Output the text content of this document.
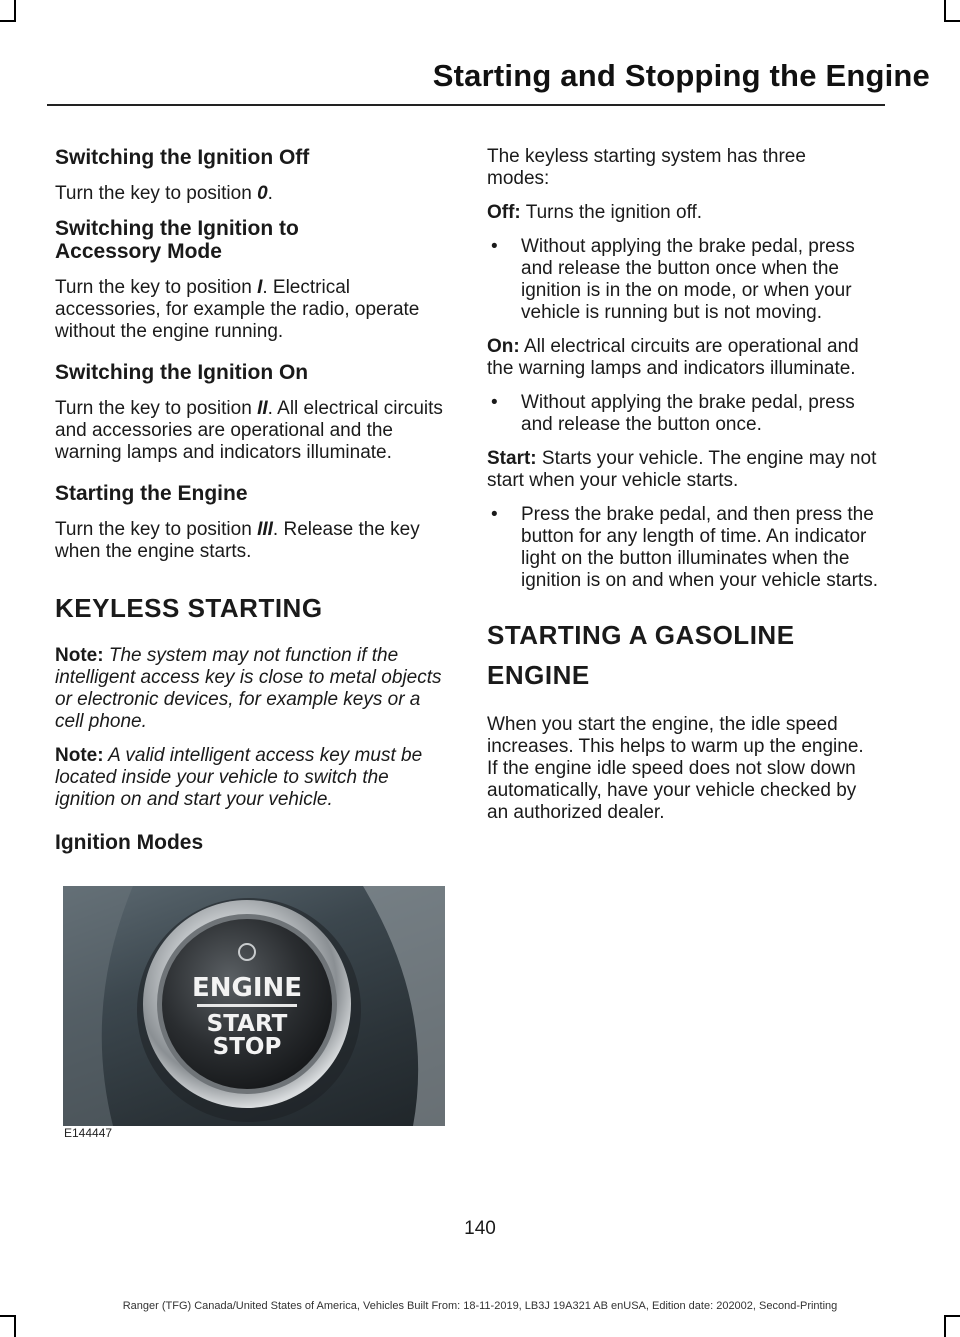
Starting and Stopping the Engine
Switching the Ignition Off

Turn the key to position 0.

Switching the Ignition to Accessory Mode

Turn the key to position I. Electrical accessories, for example the radio, operate without the engine running.

Switching the Ignition On

Turn the key to position II. All electrical circuits and accessories are operational and the warning lamps and indicators illuminate.

Starting the Engine

Turn the key to position III. Release the key when the engine starts.

KEYLESS STARTING

Note: The system may not function if the intelligent access key is close to metal objects or electronic devices, for example keys or a cell phone.

Note: A valid intelligent access key must be located inside your vehicle to switch the ignition on and start your vehicle.

Ignition Modes
ENGINE
START
STOP
E144447

The keyless starting system has three modes:

Off: Turns the ignition off.

• Without applying the brake pedal, press and release the button once when the ignition is in the on mode, or when your vehicle is running but is not moving.

On: All electrical circuits are operational and the warning lamps and indicators illuminate.

• Without applying the brake pedal, press and release the button once.

Start: Starts your vehicle. The engine may not start when your vehicle starts.

• Press the brake pedal, and then press the button for any length of time. An indicator light on the button illuminates when the ignition is on and when your vehicle starts.
STARTING A GASOLINE
ENGINE

When you start the engine, the idle speed increases. This helps to warm up the engine. If the engine idle speed does not slow down automatically, have your vehicle checked by an authorized dealer.

140
Ranger (TFG) Canada/United States of America, Vehicles Built From: 18-11-2019, LB3J 19A321 AB enUSA, Edition date: 202002, Second-Printing
